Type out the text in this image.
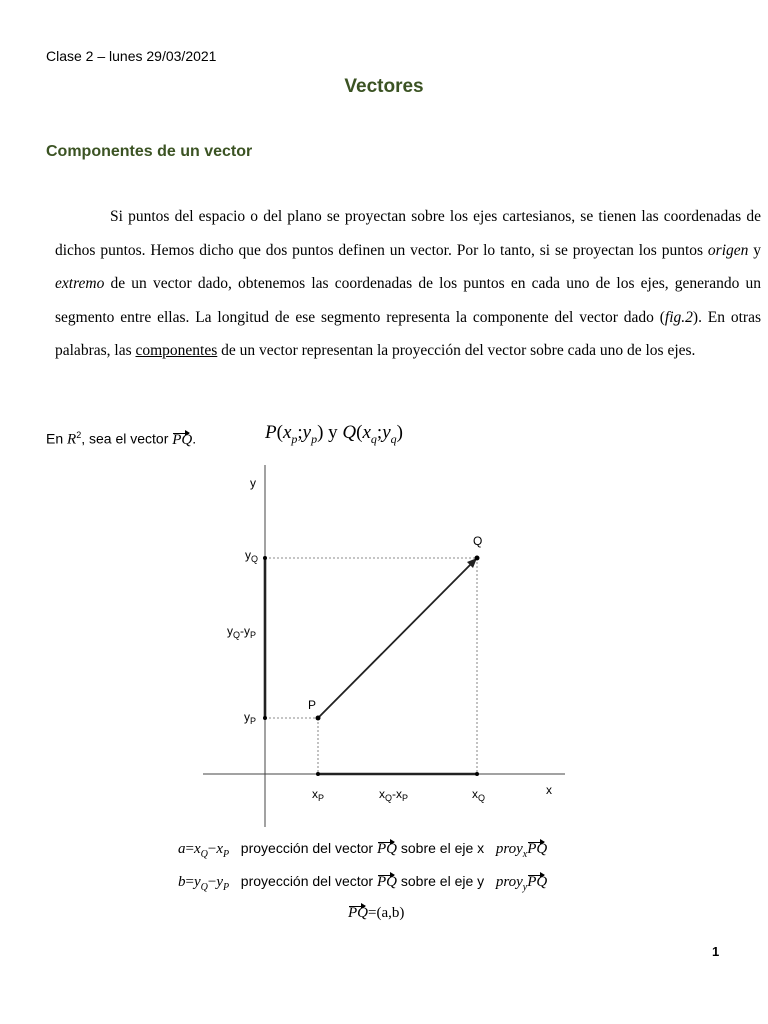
Clase 2 – lunes 29/03/2021
Vectores
Componentes de un vector

Si puntos del espacio o del plano se proyectan sobre los ejes cartesianos, se tienen las coordenadas de dichos puntos. Hemos dicho que dos puntos definen un vector. Por lo tanto, si se proyectan los puntos origen y extremo de un vector dado, obtenemos las coordenadas de los puntos en cada uno de los ejes, generando un segmento entre ellas. La longitud de ese segmento representa la componente del vector dado (fig.2). En otras palabras, las componentes de un vector representan la proyección del vector sobre cada uno de los ejes.

En $R^2$, sea el vector PQ.	$P(x_p;y_p)$ y $Q(x_q;y_q)$
y
x
P
Q
$y_Q$
$y_P$
$y_Q-y_P$
$x_P$	$x_Q$
$x_Q-x_P$
$a=x_Q-x_P$ proyección del vector PQ sobre el eje x proy$_x$PQ
$b=y_Q-y_P$ proyección del vector PQ sobre el eje y proy$_y$PQ
PQ=(a,b)
1
